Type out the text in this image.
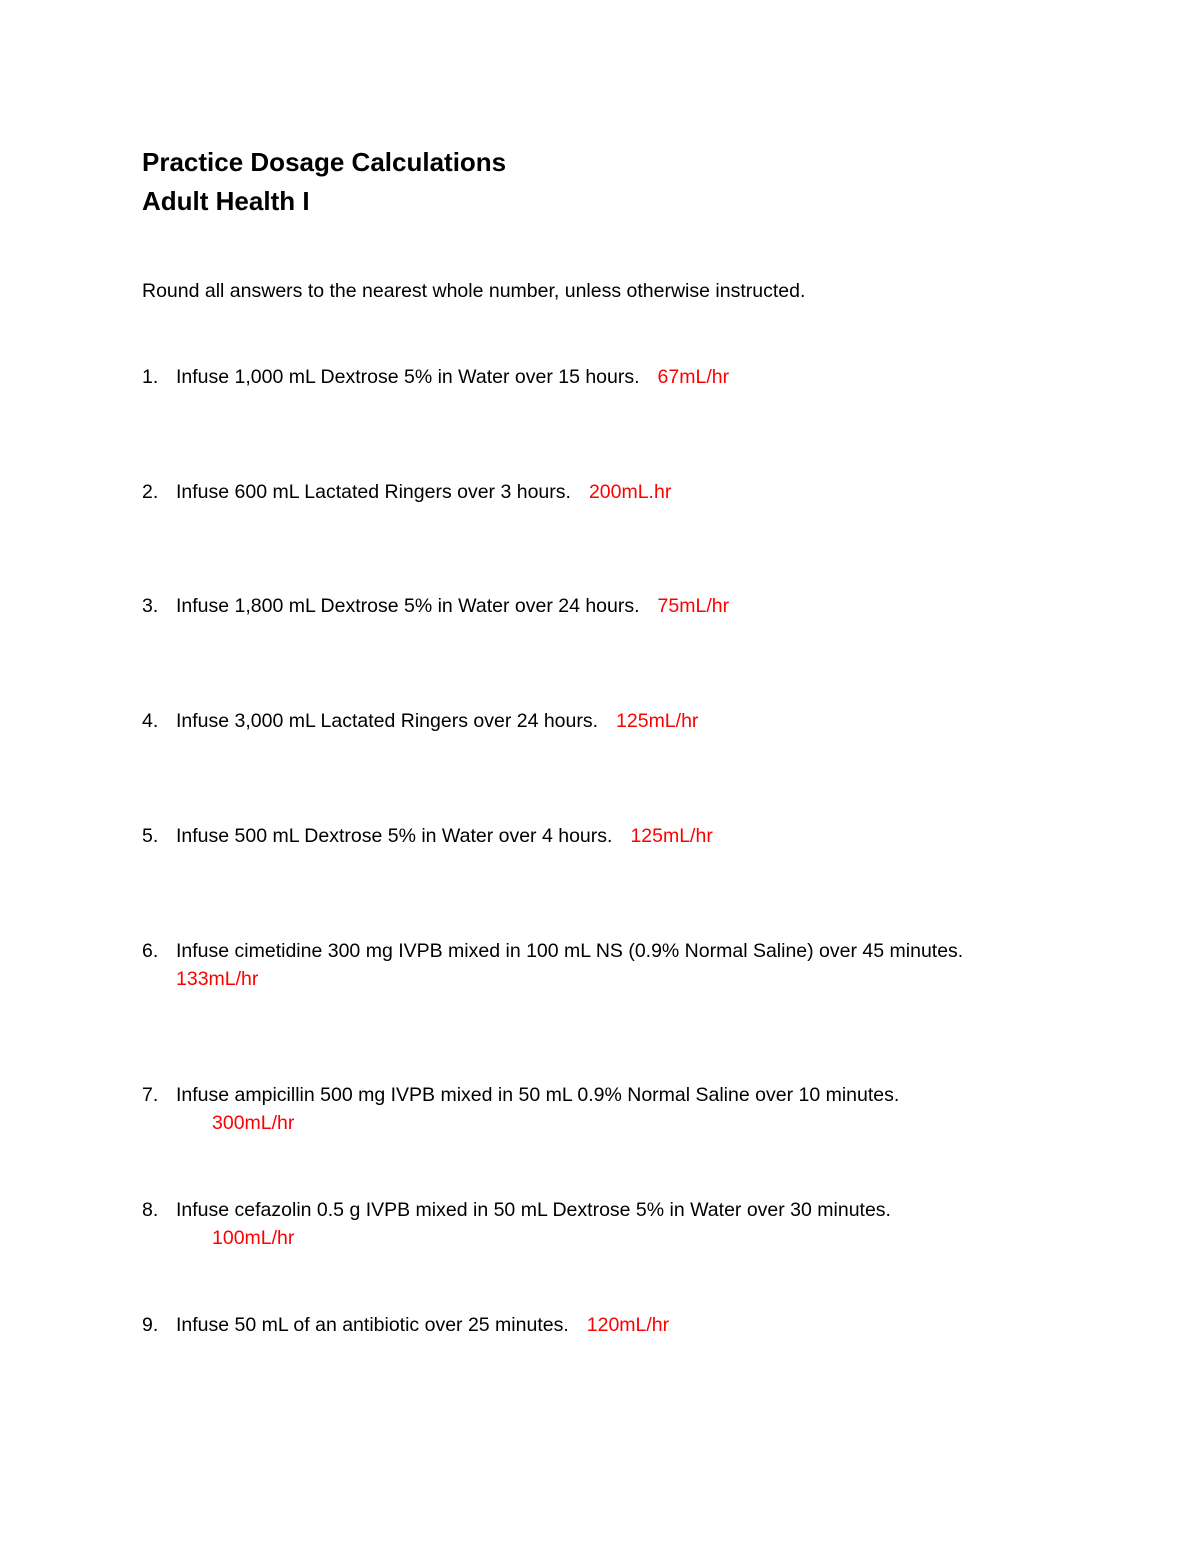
Practice Dosage Calculations
Adult Health I
Round all answers to the nearest whole number, unless otherwise instructed.
1. Infuse 1,000 mL Dextrose 5% in Water over 15 hours. 67mL/hr
2. Infuse 600 mL Lactated Ringers over 3 hours. 200mL.hr
3. Infuse 1,800 mL Dextrose 5% in Water over 24 hours. 75mL/hr
4. Infuse 3,000 mL Lactated Ringers over 24 hours. 125mL/hr
5. Infuse 500 mL Dextrose 5% in Water over 4 hours. 125mL/hr
6. Infuse cimetidine 300 mg IVPB mixed in 100 mL NS (0.9% Normal Saline) over 45 minutes.
133mL/hr
7. Infuse ampicillin 500 mg IVPB mixed in 50 mL 0.9% Normal Saline over 10 minutes.
300mL/hr
8. Infuse cefazolin 0.5 g IVPB mixed in 50 mL Dextrose 5% in Water over 30 minutes.
100mL/hr
9. Infuse 50 mL of an antibiotic over 25 minutes. 120mL/hr
